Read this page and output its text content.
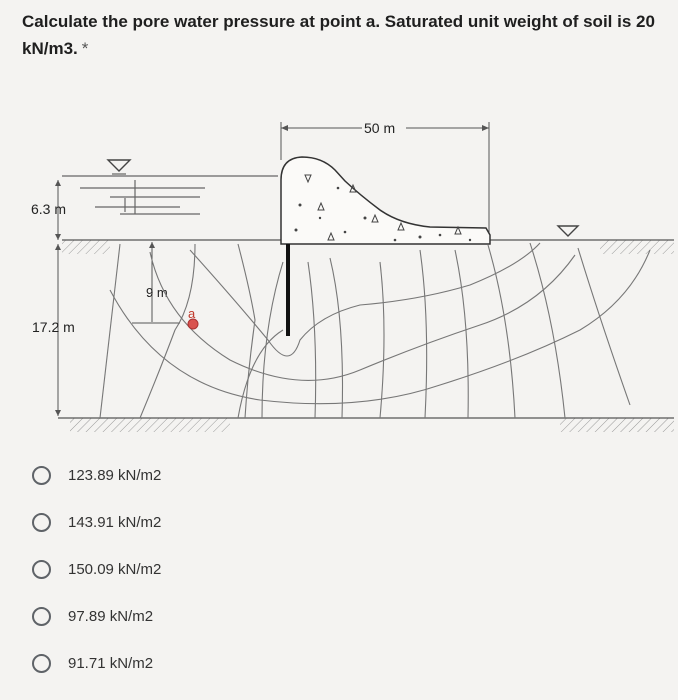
Calculate the pore water pressure at point a. Saturated unit weight of soil is 20 kN/m3. *
6.3 m
17.2 m
9 m
50 m
a
123.89 kN/m2
143.91 kN/m2
150.09 kN/m2
97.89 kN/m2
91.71 kN/m2
